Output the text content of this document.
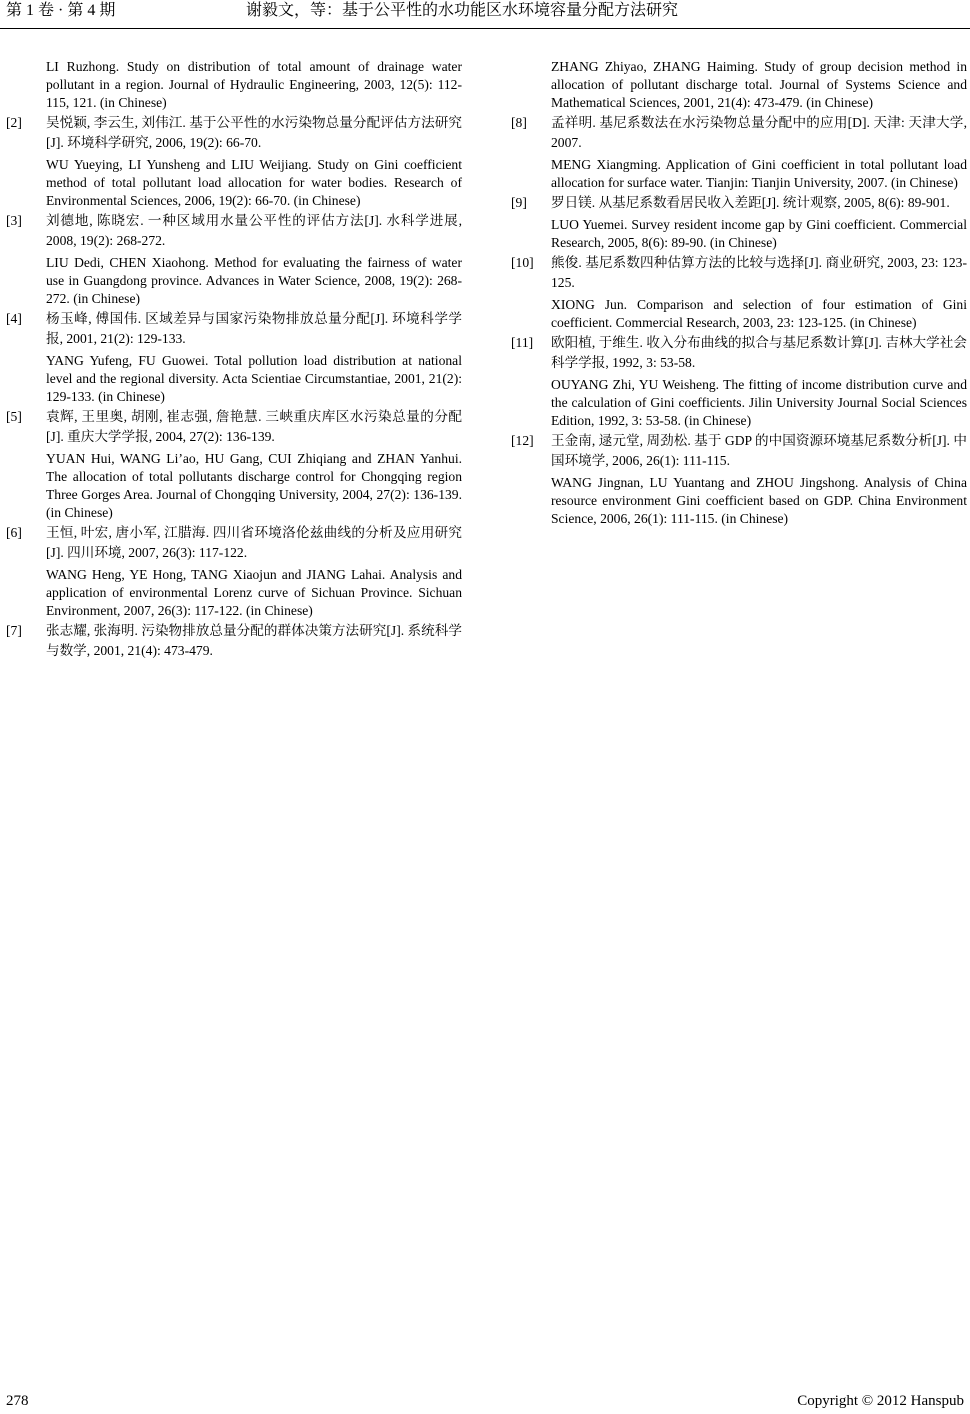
第 1 卷 · 第 4 期	谢毅文，等：基于公平性的水功能区水环境容量分配方法研究
LI Ruzhong. Study on distribution of total amount of drainage water pollutant in a region. Journal of Hydraulic Engineering, 2003, 12(5): 112-115, 121. (in Chinese)
[2] 吴悦颖, 李云生, 刘伟江. 基于公平性的水污染物总量分配评估方法研究[J]. 环境科学研究, 2006, 19(2): 66-70.
WU Yueying, LI Yunsheng and LIU Weijiang. Study on Gini coefficient method of total pollutant load allocation for water bodies. Research of Environmental Sciences, 2006, 19(2): 66-70. (in Chinese)
[3] 刘德地, 陈晓宏. 一种区域用水量公平性的评估方法[J]. 水科学进展, 2008, 19(2): 268-272.
LIU Dedi, CHEN Xiaohong. Method for evaluating the fairness of water use in Guangdong province. Advances in Water Science, 2008, 19(2): 268-272. (in Chinese)
[4] 杨玉峰, 傅国伟. 区域差异与国家污染物排放总量分配[J]. 环境科学学报, 2001, 21(2): 129-133.
YANG Yufeng, FU Guowei. Total pollution load distribution at national level and the regional diversity. Acta Scientiae Circumstantiae, 2001, 21(2): 129-133. (in Chinese)
[5] 袁辉, 王里奥, 胡刚, 崔志强, 詹艳慧. 三峡重庆库区水污染总量的分配[J]. 重庆大学学报, 2004, 27(2): 136-139.
YUAN Hui, WANG Li’ao, HU Gang, CUI Zhiqiang and ZHAN Yanhui. The allocation of total pollutants discharge control for Chongqing region Three Gorges Area. Journal of Chongqing University, 2004, 27(2): 136-139. (in Chinese)
[6] 王恒, 叶宏, 唐小军, 江腊海. 四川省环境洛伦兹曲线的分析及应用研究[J]. 四川环境, 2007, 26(3): 117-122.
WANG Heng, YE Hong, TANG Xiaojun and JIANG Lahai. Analysis and application of environmental Lorenz curve of Sichuan Province. Sichuan Environment, 2007, 26(3): 117-122. (in Chinese)
[7] 张志耀, 张海明. 污染物排放总量分配的群体决策方法研究[J]. 系统科学与数学, 2001, 21(4): 473-479.
ZHANG Zhiyao, ZHANG Haiming. Study of group decision method in allocation of pollutant discharge total. Journal of Systems Science and Mathematical Sciences, 2001, 21(4): 473-479. (in Chinese)
[8] 孟祥明. 基尼系数法在水污染物总量分配中的应用[D]. 天津: 天津大学, 2007.
MENG Xiangming. Application of Gini coefficient in total pollutant load allocation for surface water. Tianjin: Tianjin University, 2007. (in Chinese)
[9] 罗日镁. 从基尼系数看居民收入差距[J]. 统计观察, 2005, 8(6): 89-901.
LUO Yuemei. Survey resident income gap by Gini coefficient. Commercial Research, 2005, 8(6): 89-90. (in Chinese)
[10] 熊俊. 基尼系数四种估算方法的比较与选择[J]. 商业研究, 2003, 23: 123-125.
XIONG Jun. Comparison and selection of four estimation of Gini coefficient. Commercial Research, 2003, 23: 123-125. (in Chinese)
[11] 欧阳植, 于维生. 收入分布曲线的拟合与基尼系数计算[J]. 吉林大学社会科学学报, 1992, 3: 53-58.
OUYANG Zhi, YU Weisheng. The fitting of income distribution curve and the calculation of Gini coefficients. Jilin University Journal Social Sciences Edition, 1992, 3: 53-58. (in Chinese)
[12] 王金南, 逯元堂, 周劲松. 基于 GDP 的中国资源环境基尼系数分析[J]. 中国环境学, 2006, 26(1): 111-115.
WANG Jingnan, LU Yuantang and ZHOU Jingshong. Analysis of China resource environment Gini coefficient based on GDP. China Environment Science, 2006, 26(1): 111-115. (in Chinese)
278	Copyright © 2012 Hanspub
